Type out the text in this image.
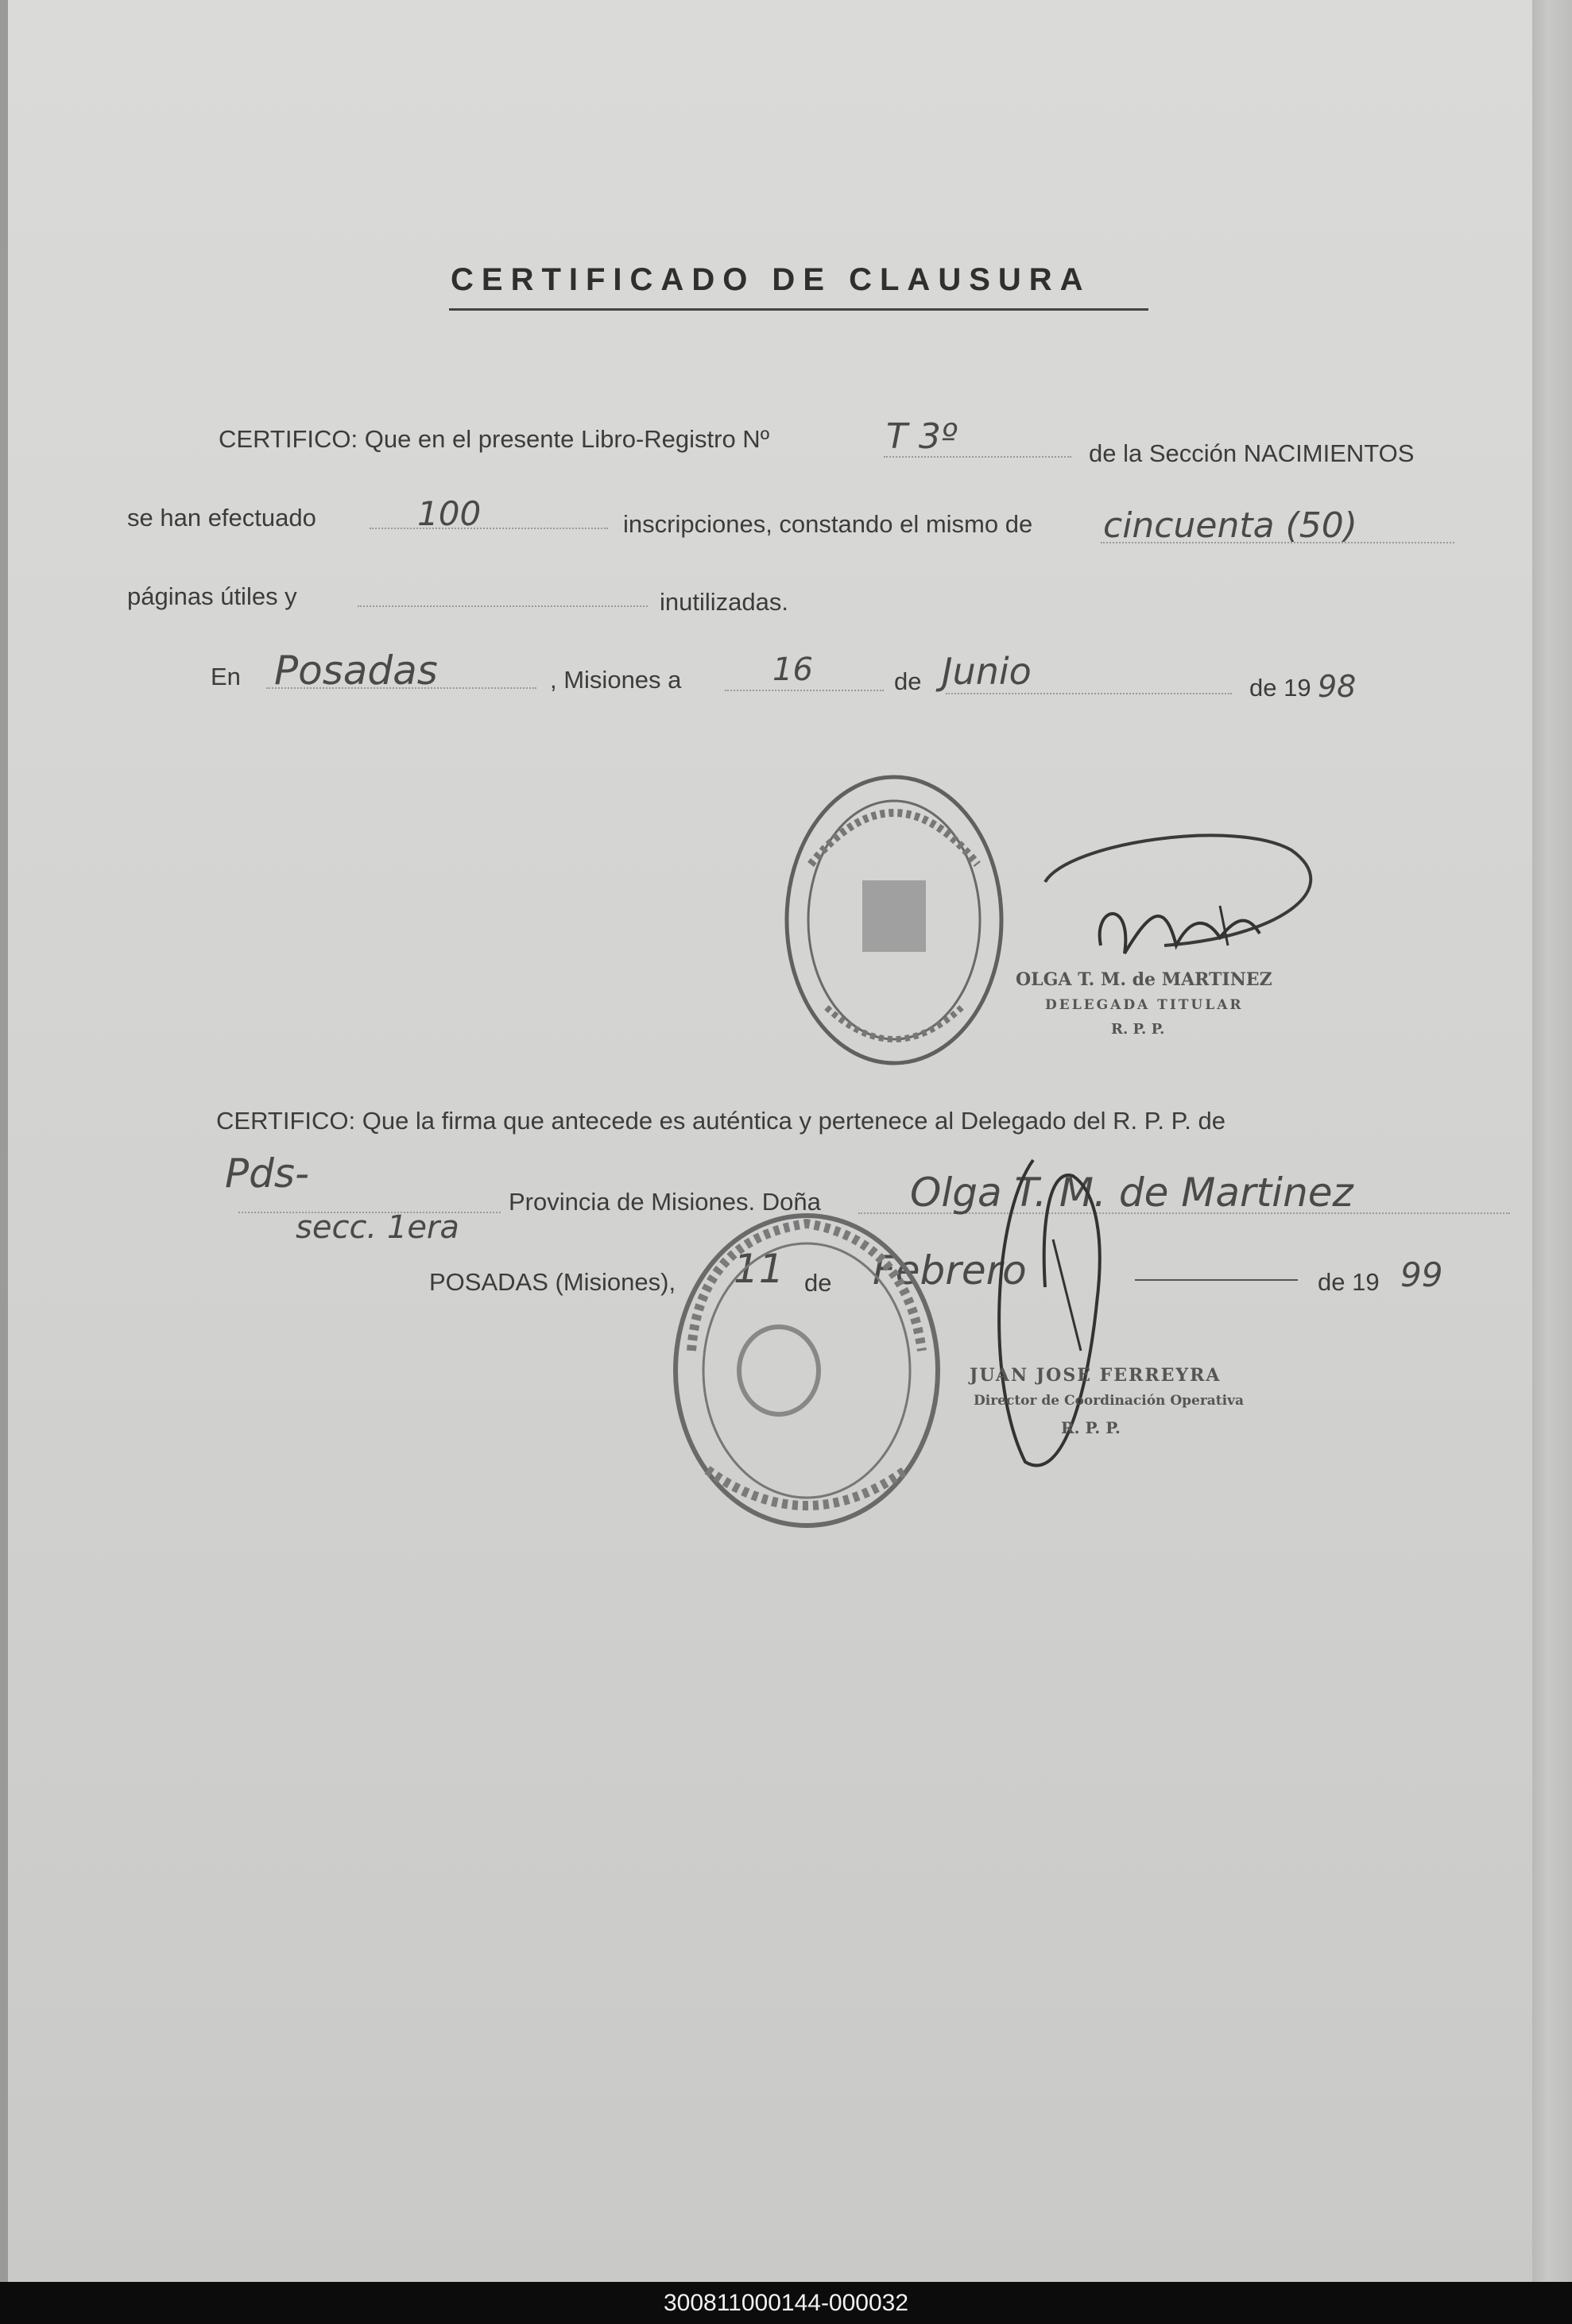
CERTIFICADO DE CLAUSURA
CERTIFICO: Que en el presente Libro-Registro Nº	T 3º	de la Sección NACIMIENTOS
se han efectuado	100	inscripciones, constando el mismo de cincuenta (50)
páginas útiles y	inutilizadas.
En Posadas	, Misiones a	16	de Junio	de 19 98
OLGA T. M. de MARTINEZ
DELEGADA TITULAR
R. P. P.
CERTIFICO: Que la firma que antecede es auténtica y pertenece al Delegado del R. P. P. de
Pds-
secc. 1era
Provincia de Misiones. Doña Olga T. M. de Martinez
POSADAS (Misiones), 11 de Febrero	de 19 99
JUAN JOSE FERREYRA
Director de Coordinación Operativa
R. P. P.
300811000144-000032
